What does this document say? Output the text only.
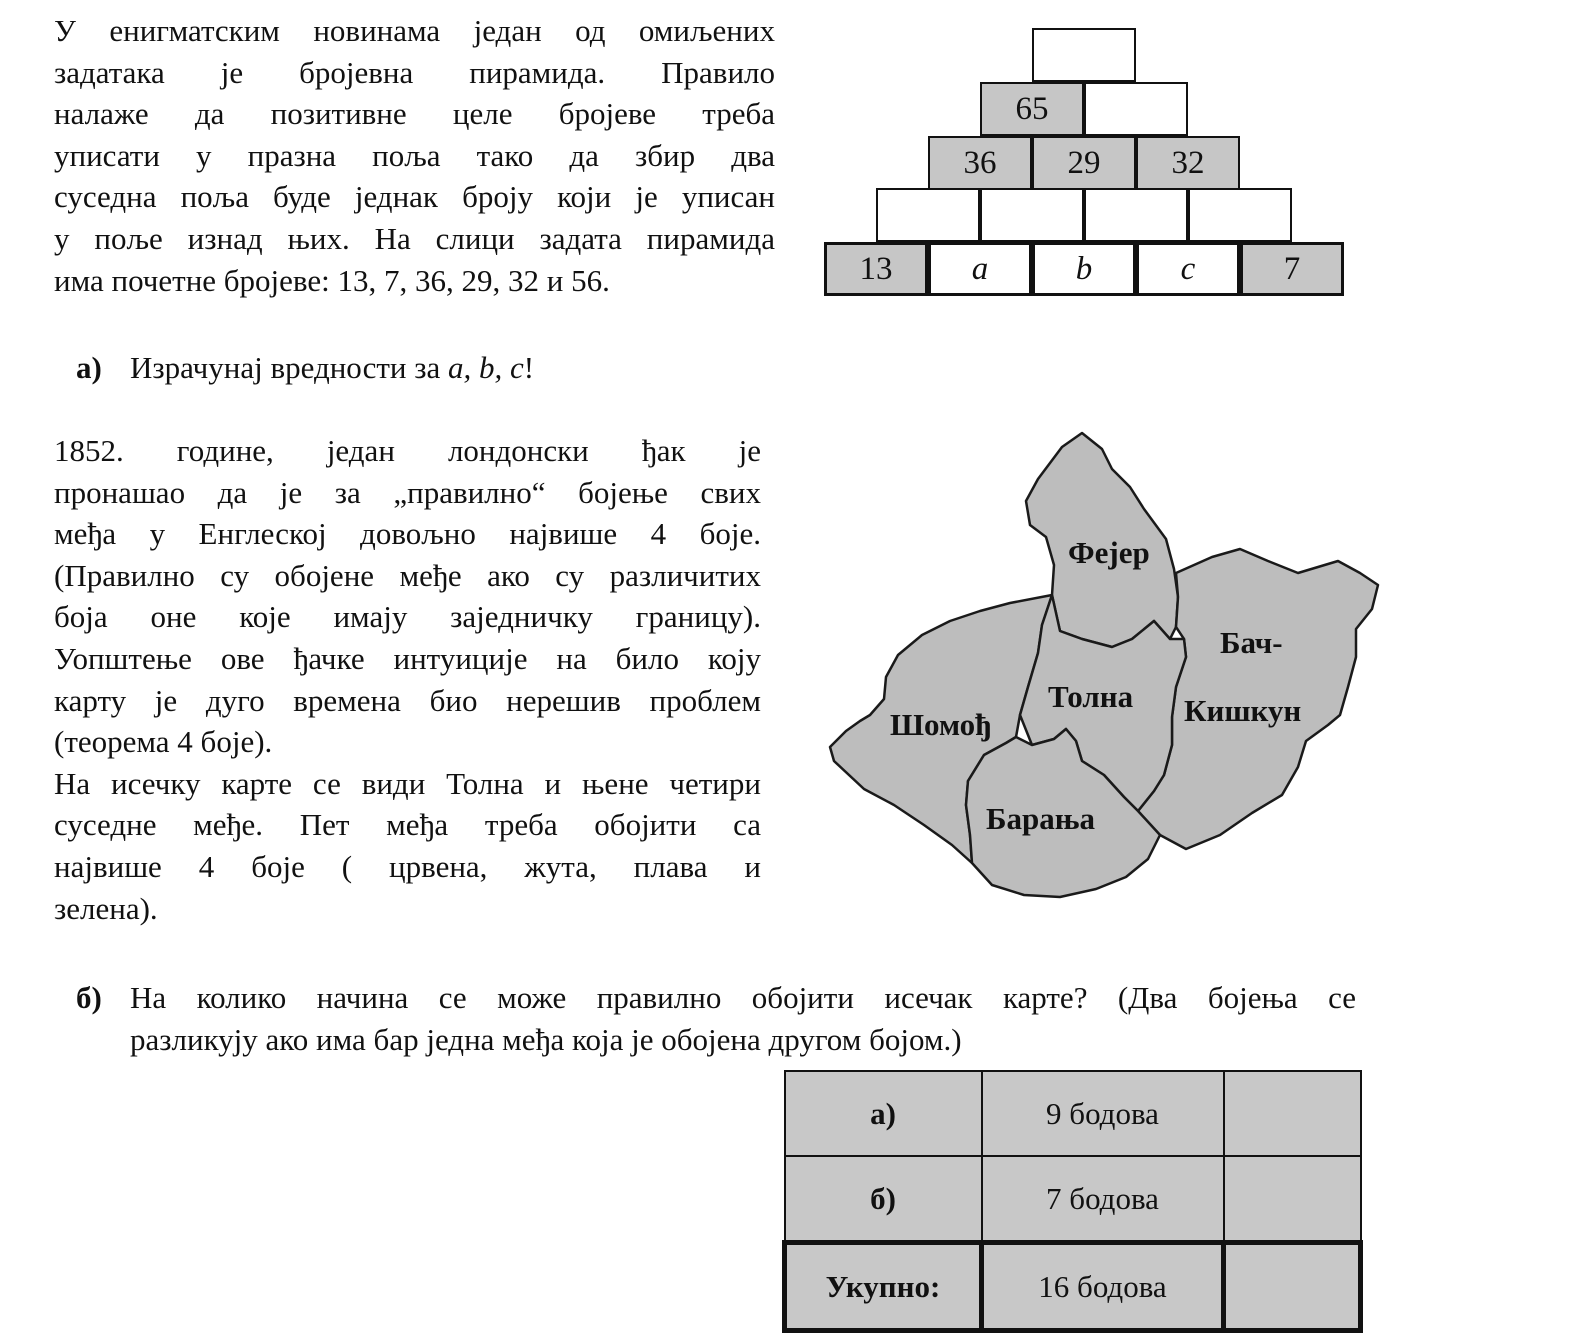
У енигматским новинама један од омиљених
задатака је бројевна пирамида. Правило
налаже да позитивне целе бројеве треба
уписати у празна поља тако да збир два
суседна поља буде једнак броју који је уписан
у поље изнад њих. На слици задата пирамида
има почетне бројеве: 13, 7, 36, 29, 32 и 56.
65
36	29	32
13	a	b	c	7

а) Израчунај вредности за a, b, c!

1852. године, један лондонски ђак је
пронашао да је за „правилно“ бојење свих
међа у Енглеској довољно највише 4 боје.
(Правилно су обојене међе ако су различитих
боја оне које имају заједничку границу).
Уопштење ове ђачке интуиције на било коју
карту је дуго времена био нерешив проблем
(теорема 4 боје).
На исечку карте се види Толна и њене четири
суседне међе. Пет међа треба обојити са
највише 4 боје ( црвена, жута, плава и
зелена).
Фејер
Шомођ
Толна
Бач-
Кишкун
Барања
б) На колико начина се може правилно обојити исечак карте? (Два бојења се
разликују ако има бар једна међа која је обојена другом бојом.)
а)	9 бодова	
б)	7 бодова	
Укупно:	16 бодова	
